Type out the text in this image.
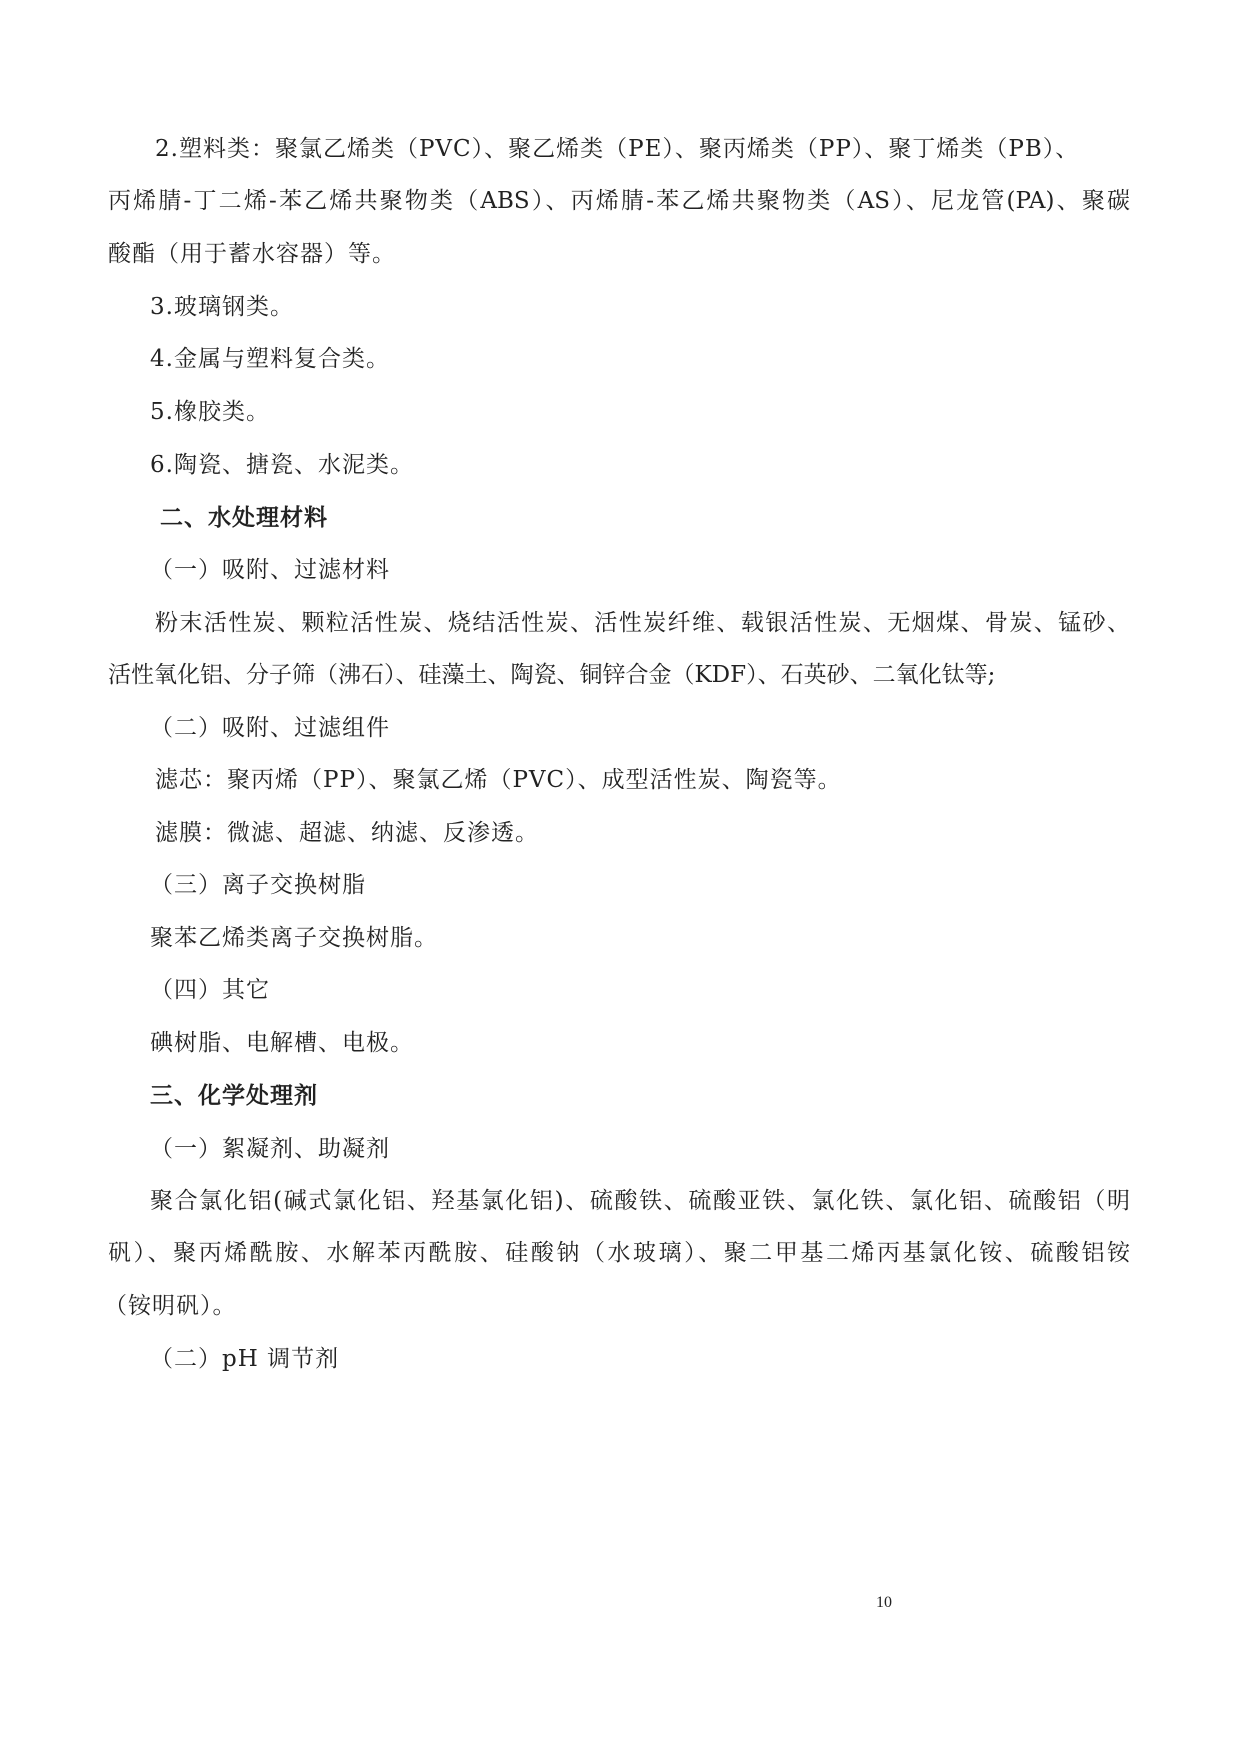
2.塑料类：聚氯乙烯类（PVC）、聚乙烯类（PE）、聚丙烯类（PP）、聚丁烯类（PB）、
丙烯腈-丁二烯-苯乙烯共聚物类（ABS）、丙烯腈-苯乙烯共聚物类（AS）、尼龙管(PA)、聚碳
酸酯（用于蓄水容器）等。
3.玻璃钢类。
4.金属与塑料复合类。
5.橡胶类。
6.陶瓷、搪瓷、水泥类。
二、水处理材料
（一）吸附、过滤材料
粉末活性炭、颗粒活性炭、烧结活性炭、活性炭纤维、载银活性炭、无烟煤、骨炭、锰砂、
活性氧化铝、分子筛（沸石）、硅藻土、陶瓷、铜锌合金（KDF）、石英砂、二氧化钛等;
（二）吸附、过滤组件
滤芯：聚丙烯（PP）、聚氯乙烯（PVC）、成型活性炭、陶瓷等。
滤膜：微滤、超滤、纳滤、反渗透。
（三）离子交换树脂
聚苯乙烯类离子交换树脂。
（四）其它
碘树脂、电解槽、电极。
三、化学处理剂
（一）絮凝剂、助凝剂
聚合氯化铝(碱式氯化铝、羟基氯化铝)、硫酸铁、硫酸亚铁、氯化铁、氯化铝、硫酸铝（明
矾）、聚丙烯酰胺、水解苯丙酰胺、硅酸钠（水玻璃）、聚二甲基二烯丙基氯化铵、硫酸铝铵
（铵明矾）。
（二）pH 调节剂
10
